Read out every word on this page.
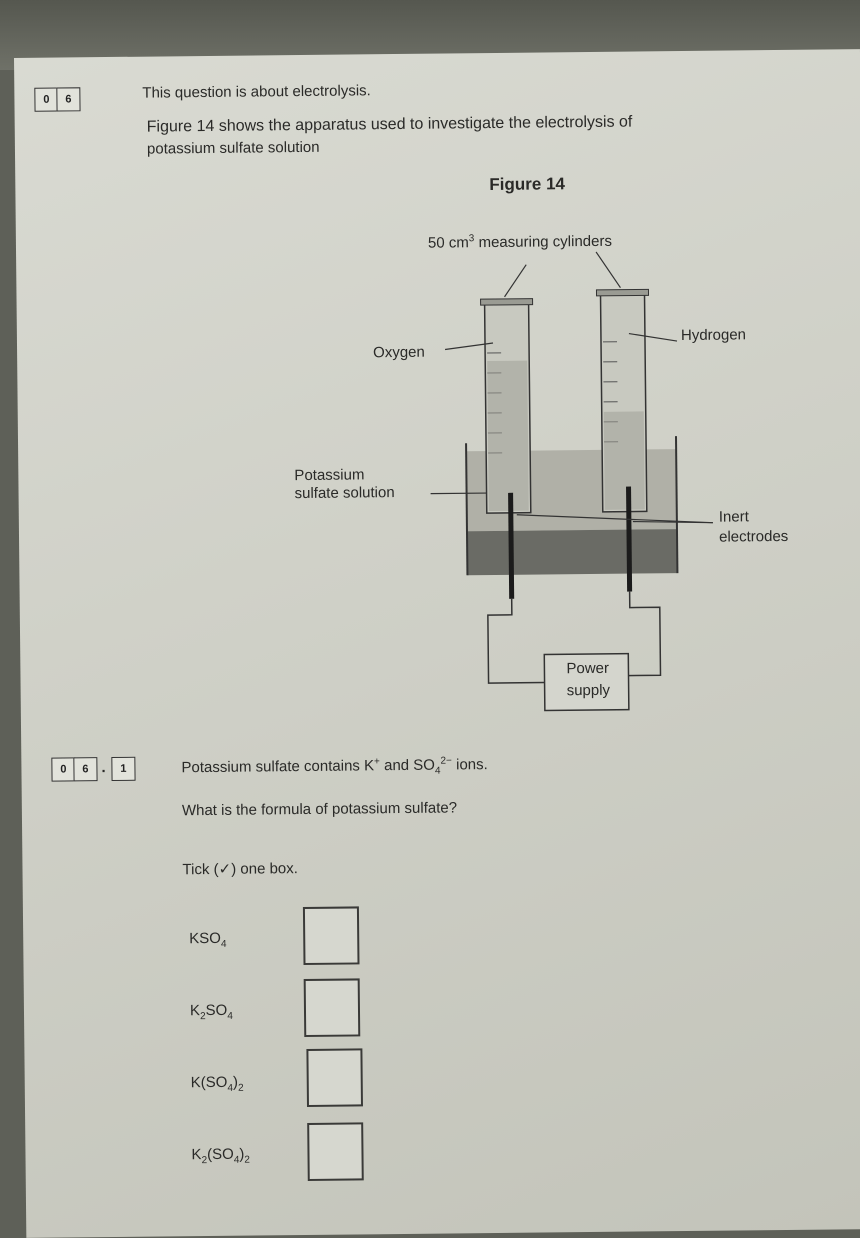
0	6	This question is about electrolysis.
Figure 14 shows the apparatus used to investigate the electrolysis of
potassium sulfate solution
Figure 14
50 $cm^3$ measuring cylinders
Oxygen
Hydrogen
Potassium
sulfate solution
Inert
electrodes
Power
supply
0	6 .	1	Potassium sulfate contains K+ and $SO_4^{2-}$ ions.
What is the formula of potassium sulfate?
Tick (✓) one box.
$KSO_4$
$K_2SO_4$
$K(SO_4)_2$
$K_2(SO_4)_2$
